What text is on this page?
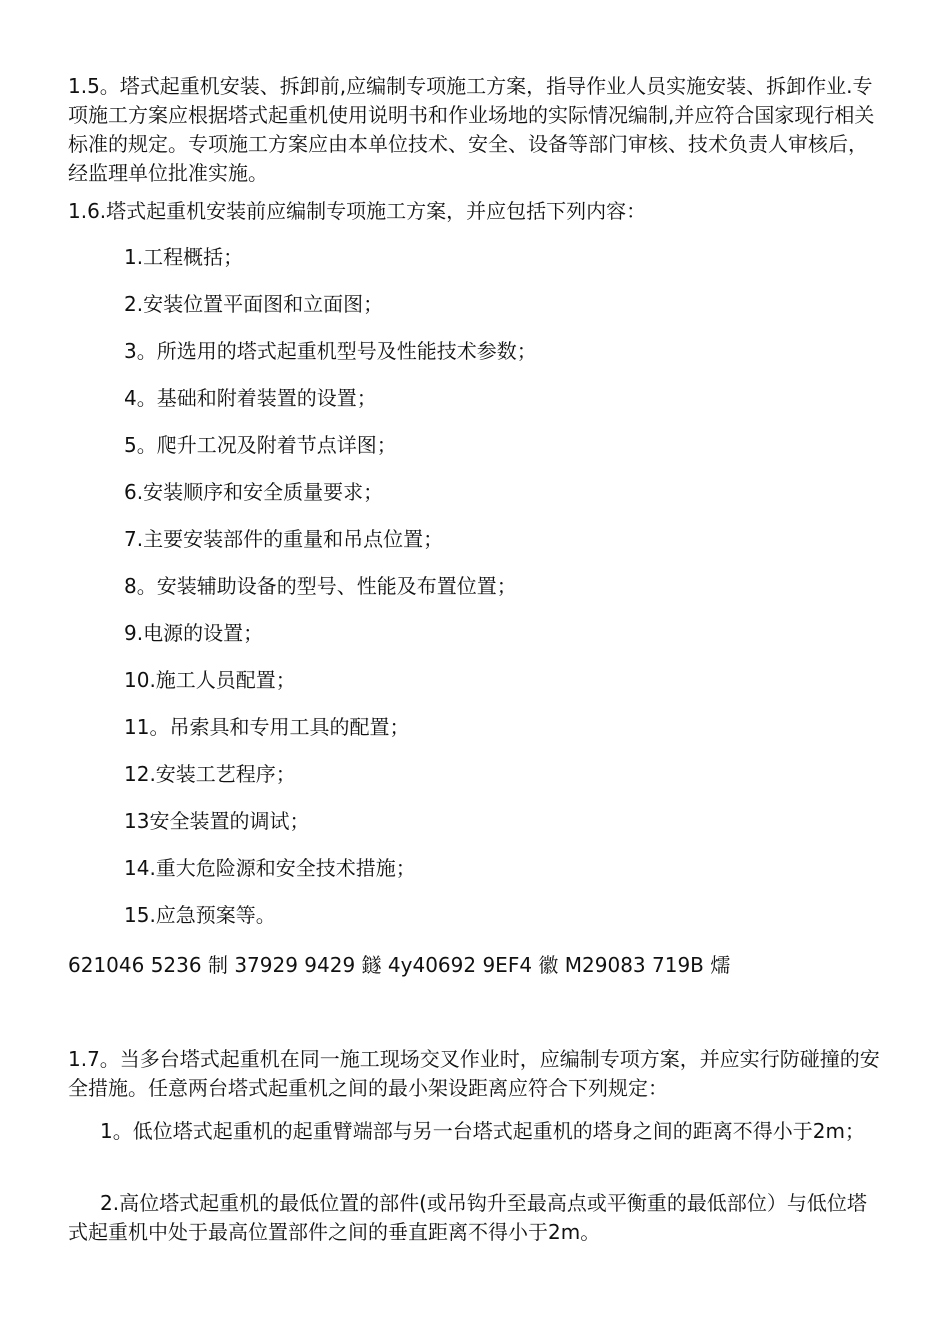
1.5。塔式起重机安装、拆卸前,应编制专项施工方案，指导作业人员实施安装、拆卸作业.专项施工方案应根据塔式起重机使用说明书和作业场地的实际情况编制,并应符合国家现行相关标准的规定。专项施工方案应由本单位技术、安全、设备等部门审核、技术负责人审核后，经监理单位批准实施。

1.6.塔式起重机安装前应编制专项施工方案，并应包括下列内容：

1.工程概括；

2.安装位置平面图和立面图；

3。所选用的塔式起重机型号及性能技术参数；

4。基础和附着装置的设置；

5。爬升工况及附着节点详图；

6.安装顺序和安全质量要求；

7.主要安装部件的重量和吊点位置；

8。安装辅助设备的型号、性能及布置位置；

9.电源的设置；

10.施工人员配置；

11。吊索具和专用工具的配置；

12.安装工艺程序；

13安全装置的调试；

14.重大危险源和安全技术措施；

15.应急预案等。

621046 5236 制 37929 9429 鐩 4y40692 9EF4 徽 M29083 719B 燸

1.7。当多台塔式起重机在同一施工现场交叉作业时，应编制专项方案，并应实行防碰撞的安全措施。任意两台塔式起重机之间的最小架设距离应符合下列规定：

1。低位塔式起重机的起重臂端部与另一台塔式起重机的塔身之间的距离不得小于2m；

2.高位塔式起重机的最低位置的部件(或吊钩升至最高点或平衡重的最低部位）与低位塔式起重机中处于最高位置部件之间的垂直距离不得小于2m。
